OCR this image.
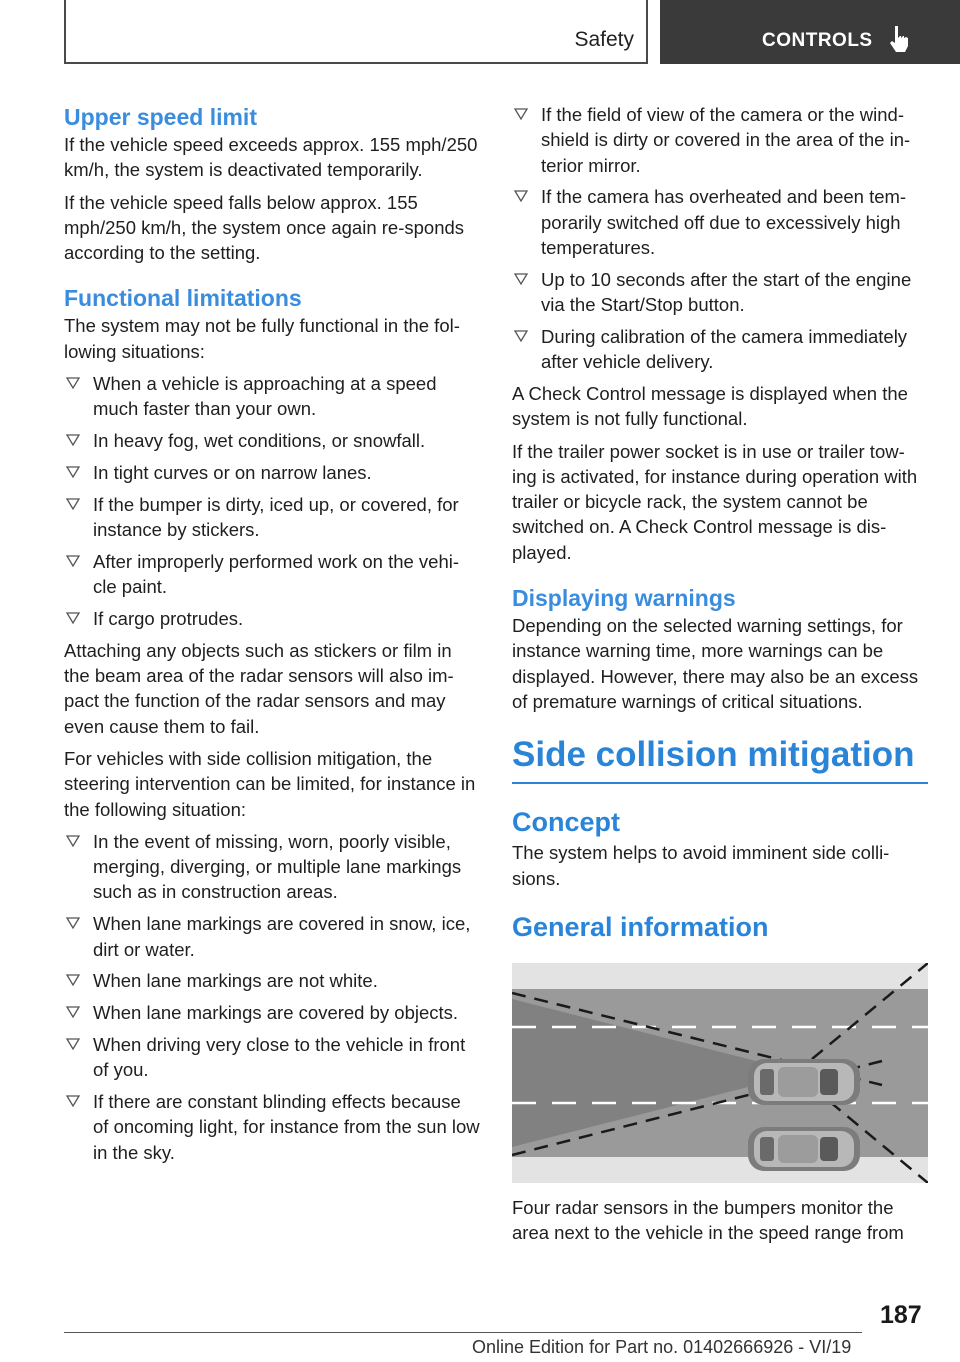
Safety	CONTROLS
Upper speed limit

If the vehicle speed exceeds approx. 155 mph/250 km/h, the system is deactivated temporarily.

If the vehicle speed falls below approx. 155 mph/250 km/h, the system once again re‐sponds according to the setting.

Functional limitations

The system may not be fully functional in the fol‐lowing situations:

When a vehicle is approaching at a speed much faster than your own.
In heavy fog, wet conditions, or snowfall.
In tight curves or on narrow lanes.
If the bumper is dirty, iced up, or covered, for instance by stickers.
After improperly performed work on the vehi‐cle paint.
If cargo protrudes.

Attaching any objects such as stickers or film in the beam area of the radar sensors will also im‐pact the function of the radar sensors and may even cause them to fail.

For vehicles with side collision mitigation, the steering intervention can be limited, for instance in the following situation:

In the event of missing, worn, poorly visible, merging, diverging, or multiple lane markings such as in construction areas.
When lane markings are covered in snow, ice, dirt or water.
When lane markings are not white.
When lane markings are covered by objects.
When driving very close to the vehicle in front of you.
If there are constant blinding effects because of oncoming light, for instance from the sun low in the sky.
If the field of view of the camera or the wind‐shield is dirty or covered in the area of the in‐terior mirror.
If the camera has overheated and been tem‐porarily switched off due to excessively high temperatures.
Up to 10 seconds after the start of the engine via the Start/Stop button.
During calibration of the camera immediately after vehicle delivery.

A Check Control message is displayed when the system is not fully functional.

If the trailer power socket is in use or trailer tow‐ing is activated, for instance during operation with trailer or bicycle rack, the system cannot be switched on. A Check Control message is dis‐played.

Displaying warnings

Depending on the selected warning settings, for instance warning time, more warnings can be displayed. However, there may also be an excess of premature warnings of critical situations.

Side collision mitigation
Concept

The system helps to avoid imminent side colli‐sions.

General information

Four radar sensors in the bumpers monitor the area next to the vehicle in the speed range from

187
Online Edition for Part no. 01402666926 - VI/19
